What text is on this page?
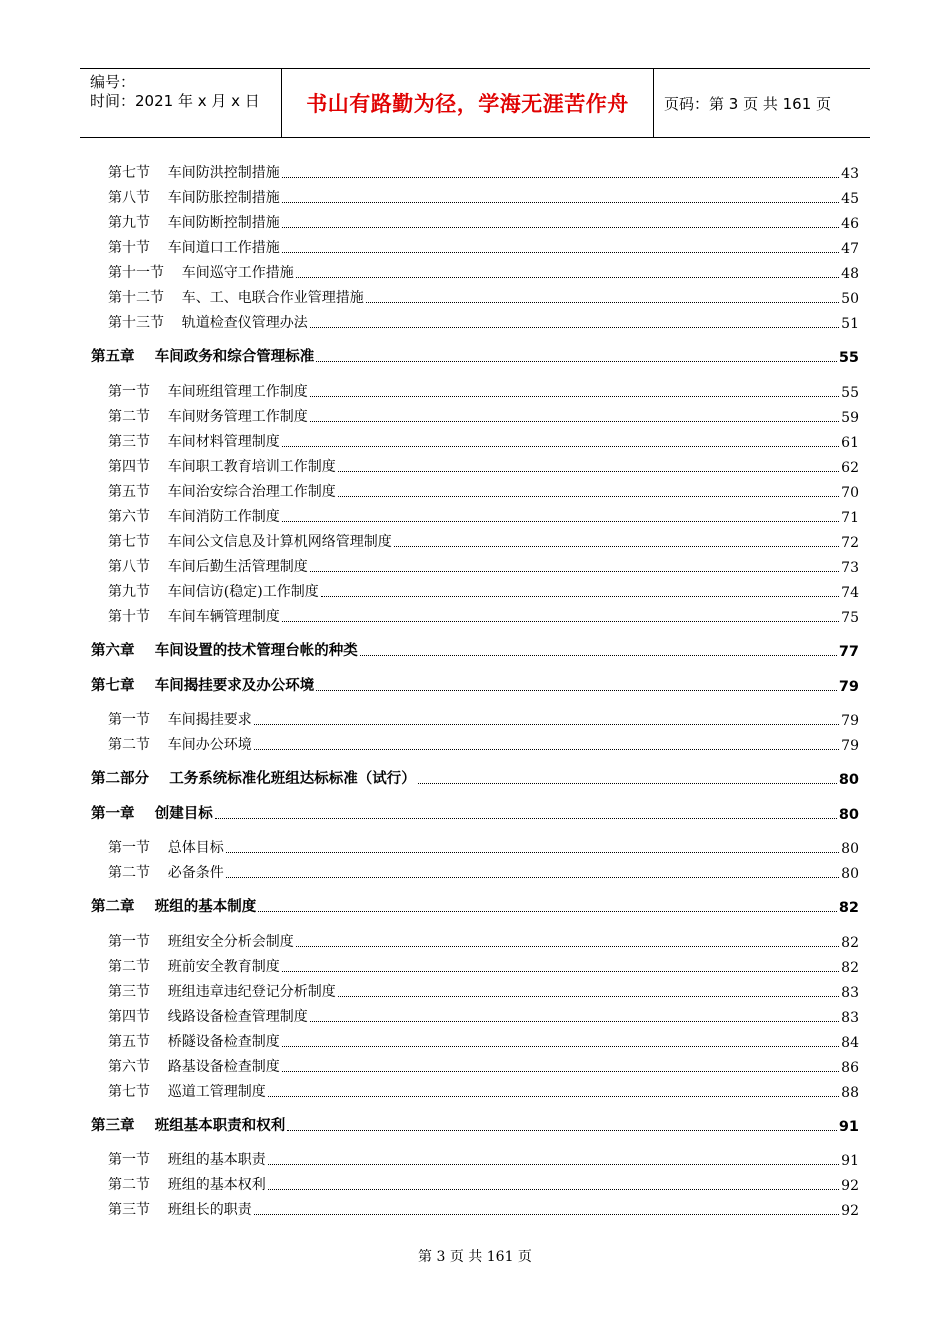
编号：
时间：2021 年 x 月 x 日 书山有路勤为径，学海无涯苦作舟	页码：第 3 页 共 161 页
第七节    车间防洪控制措施	43
第八节    车间防胀控制措施	45
第九节    车间防断控制措施	46
第十节    车间道口工作措施	47
第十一节    车间巡守工作措施	48
第十二节    车、工、电联合作业管理措施	50
第十三节    轨道检查仪管理办法	51
第五章    车间政务和综合管理标准	55
第一节    车间班组管理工作制度	55
第二节    车间财务管理工作制度	59
第三节    车间材料管理制度	61
第四节    车间职工教育培训工作制度	62
第五节    车间治安综合治理工作制度	70
第六节    车间消防工作制度	71
第七节    车间公文信息及计算机网络管理制度	72
第八节    车间后勤生活管理制度	73
第九节    车间信访(稳定)工作制度	74
第十节    车间车辆管理制度	75
第六章    车间设置的技术管理台帐的种类	77
第七章    车间揭挂要求及办公环境	79
第一节    车间揭挂要求	79
第二节    车间办公环境	79
第二部分    工务系统标准化班组达标标准（试行）	80
第一章    创建目标	80
第一节    总体目标	80
第二节    必备条件	80
第二章    班组的基本制度	82
第一节    班组安全分析会制度	82
第二节    班前安全教育制度	82
第三节    班组违章违纪登记分析制度	83
第四节    线路设备检查管理制度	83
第五节    桥隧设备检查制度	84
第六节    路基设备检查制度	86
第七节    巡道工管理制度	88
第三章    班组基本职责和权利	91
第一节    班组的基本职责	91
第二节    班组的基本权利	92
第三节    班组长的职责	92
第 3 页 共 161 页
